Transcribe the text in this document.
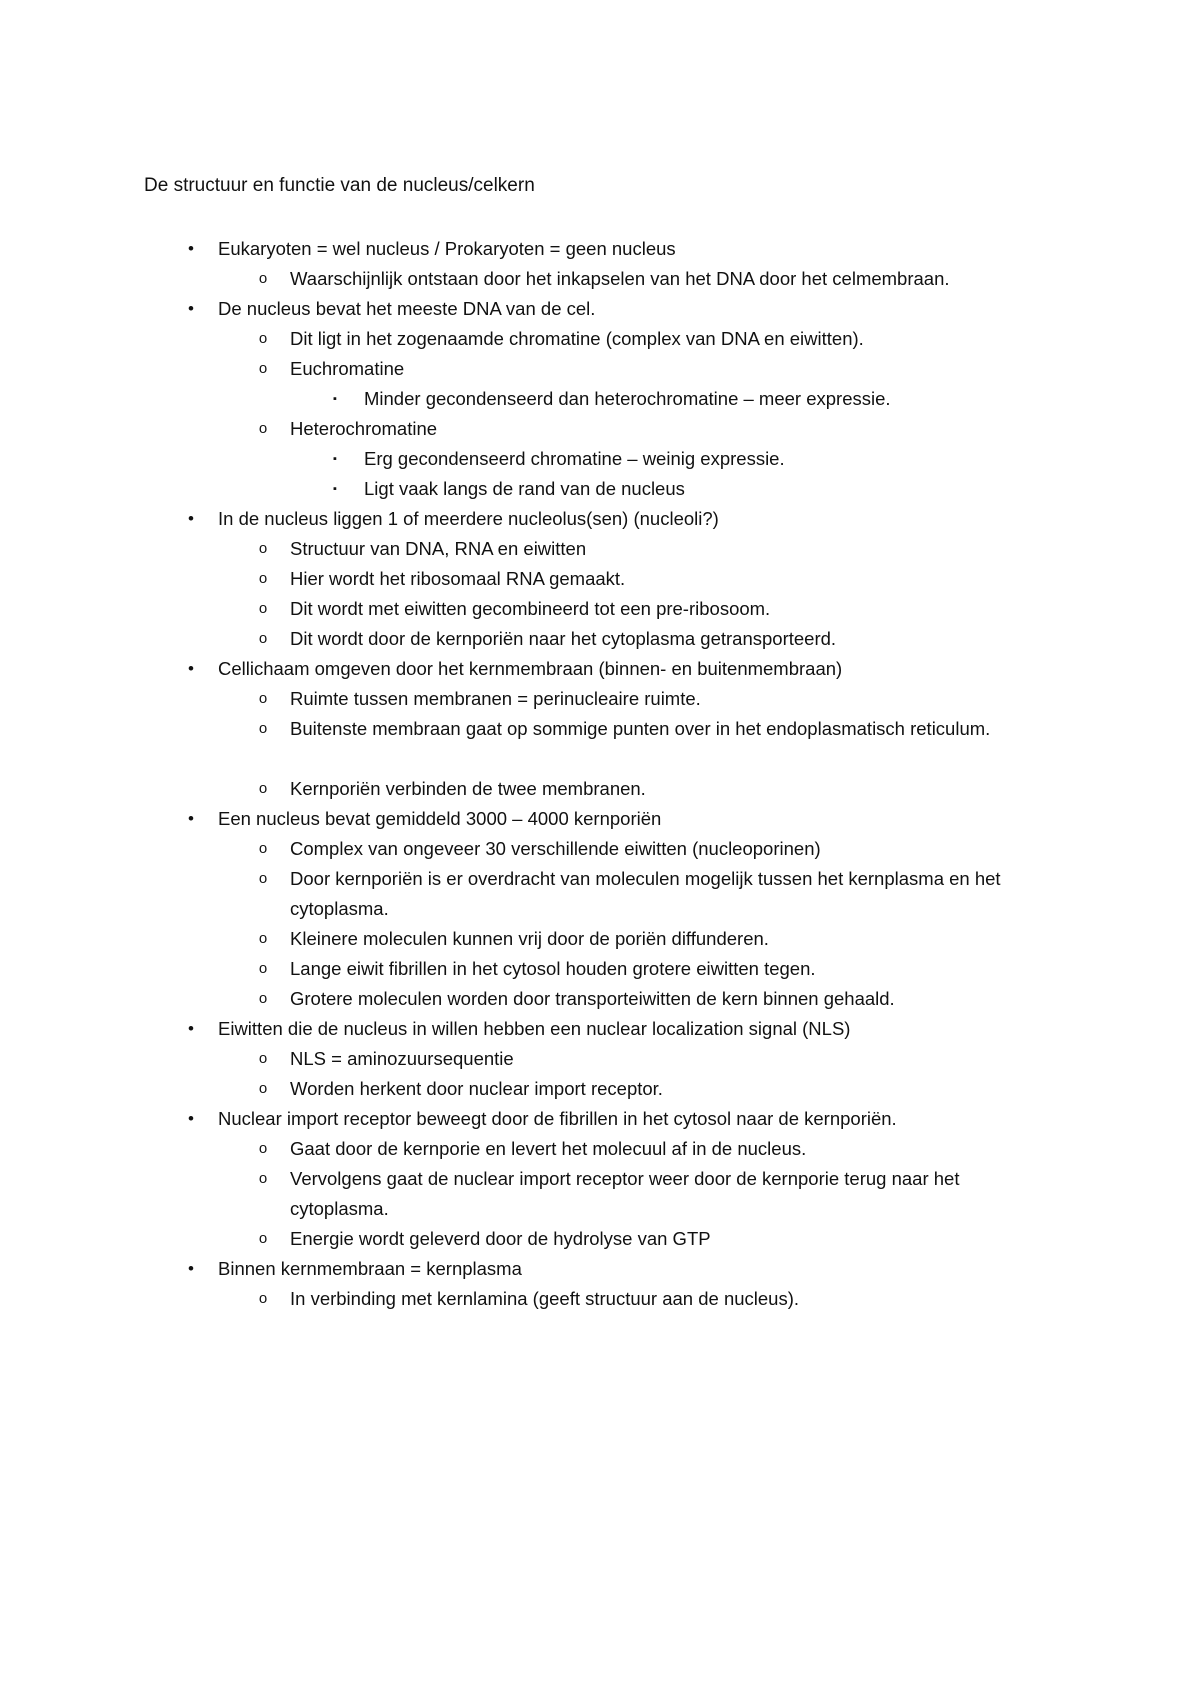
De structuur en functie van de nucleus/celkern
• Eukaryoten = wel nucleus / Prokaryoten = geen nucleus
o Waarschijnlijk ontstaan door het inkapselen van het DNA door het celmembraan.
• De nucleus bevat het meeste DNA van de cel.
o Dit ligt in het zogenaamde chromatine (complex van DNA en eiwitten).
o Euchromatine
▪ Minder gecondenseerd dan heterochromatine – meer expressie.
o Heterochromatine
▪ Erg gecondenseerd chromatine – weinig expressie.
▪ Ligt vaak langs de rand van de nucleus
• In de nucleus liggen 1 of meerdere nucleolus(sen) (nucleoli?)
o Structuur van DNA, RNA en eiwitten
o Hier wordt het ribosomaal RNA gemaakt.
o Dit wordt met eiwitten gecombineerd tot een pre-ribosoom.
o Dit wordt door de kernporiën naar het cytoplasma getransporteerd.
• Cellichaam omgeven door het kernmembraan (binnen- en buitenmembraan)
o Ruimte tussen membranen = perinucleaire ruimte.
o Buitenste membraan gaat op sommige punten over in het endoplasmatisch reticulum.
o Kernporiën verbinden de twee membranen.
• Een nucleus bevat gemiddeld 3000 – 4000 kernporiën
o Complex van ongeveer 30 verschillende eiwitten (nucleoporinen)
o Door kernporiën is er overdracht van moleculen mogelijk tussen het kernplasma en het cytoplasma.
o Kleinere moleculen kunnen vrij door de poriën diffunderen.
o Lange eiwit fibrillen in het cytosol houden grotere eiwitten tegen.
o Grotere moleculen worden door transporteiwitten de kern binnen gehaald.
• Eiwitten die de nucleus in willen hebben een nuclear localization signal (NLS)
o NLS = aminozuursequentie
o Worden herkent door nuclear import receptor.
• Nuclear import receptor beweegt door de fibrillen in het cytosol naar de kernporiën.
o Gaat door de kernporie en levert het molecuul af in de nucleus.
o Vervolgens gaat de nuclear import receptor weer door de kernporie terug naar het cytoplasma.
o Energie wordt geleverd door de hydrolyse van GTP
• Binnen kernmembraan = kernplasma
o In verbinding met kernlamina (geeft structuur aan de nucleus).
